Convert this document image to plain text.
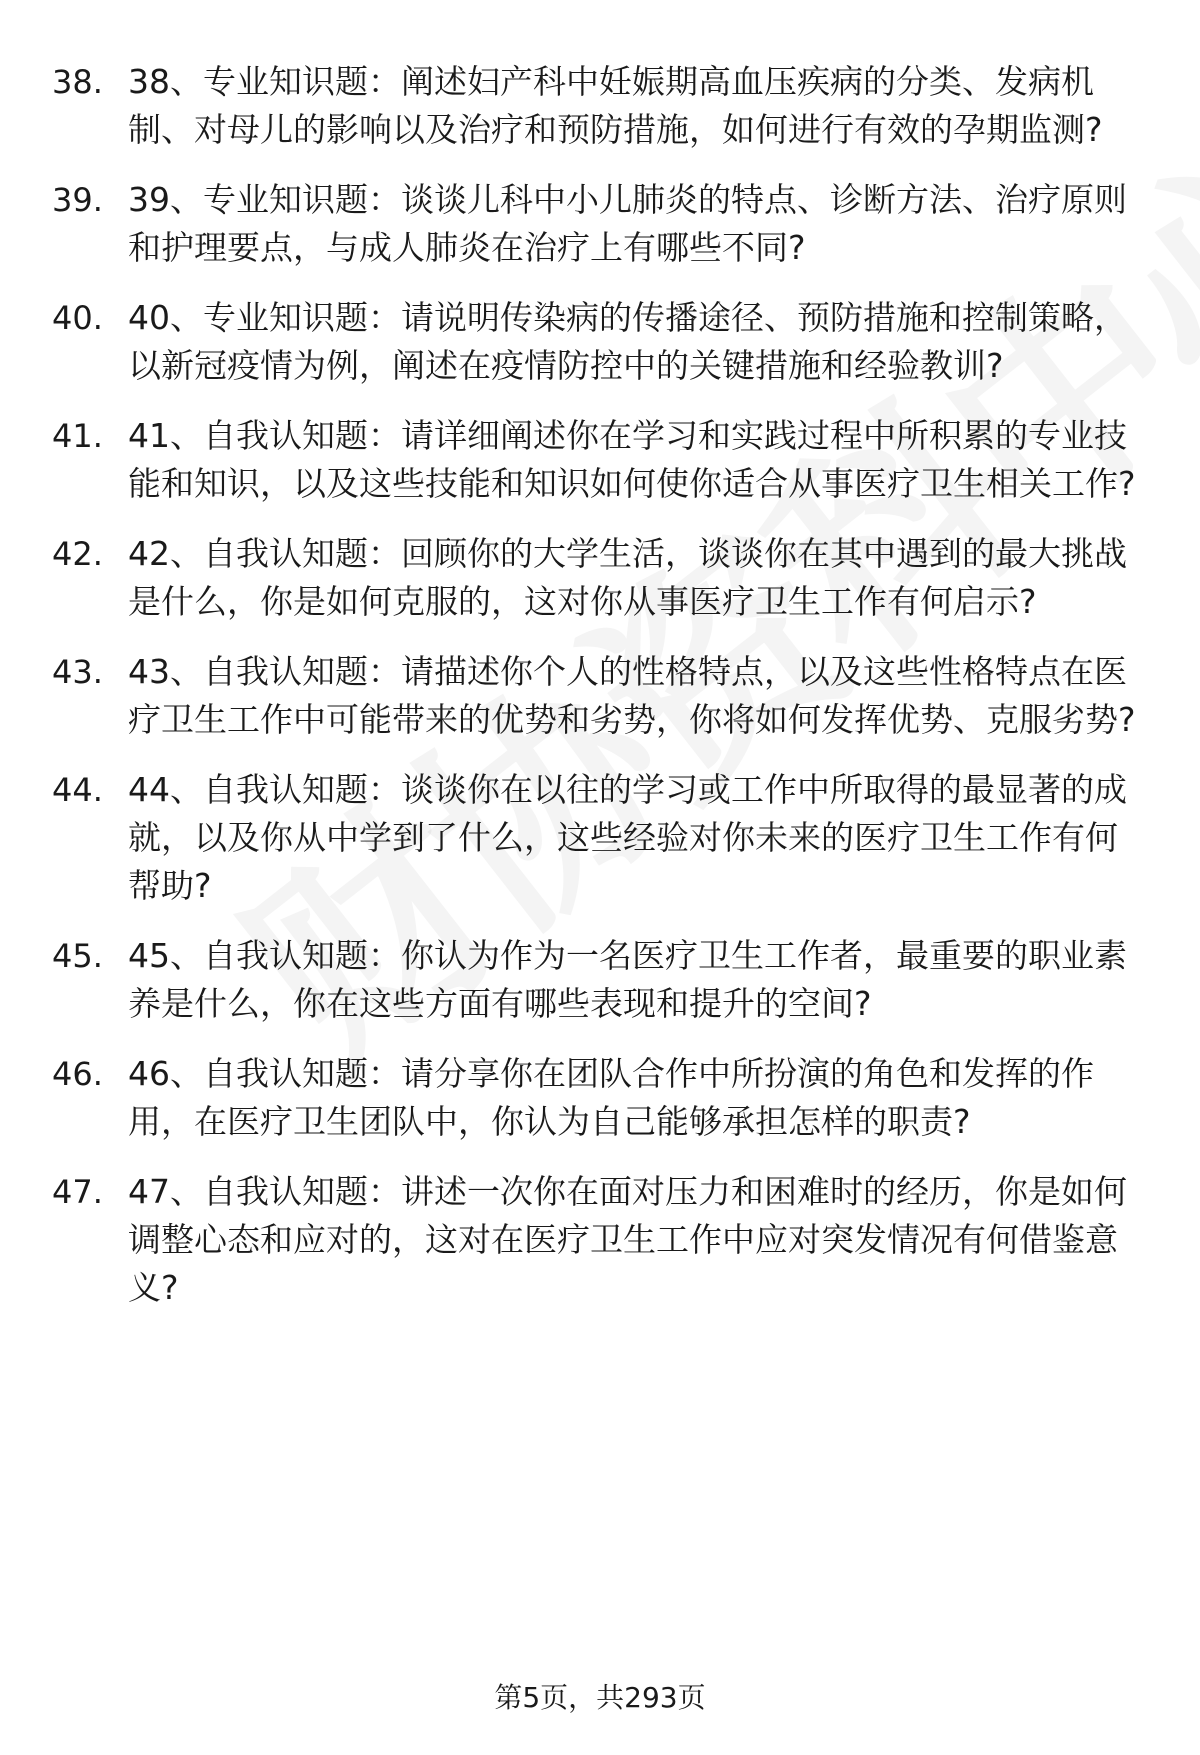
38. 38、专业知识题：阐述妇产科中妊娠期高血压疾病的分类、发病机制、对母儿的影响以及治疗和预防措施，如何进行有效的孕期监测?
39. 39、专业知识题：谈谈儿科中小儿肺炎的特点、诊断方法、治疗原则和护理要点，与成人肺炎在治疗上有哪些不同?
40. 40、专业知识题：请说明传染病的传播途径、预防措施和控制策略，以新冠疫情为例，阐述在疫情防控中的关键措施和经验教训?
41. 41、自我认知题：请详细阐述你在学习和实践过程中所积累的专业技能和知识，以及这些技能和知识如何使你适合从事医疗卫生相关工作?
42. 42、自我认知题：回顾你的大学生活，谈谈你在其中遇到的最大挑战是什么，你是如何克服的，这对你从事医疗卫生工作有何启示?
43. 43、自我认知题：请描述你个人的性格特点，以及这些性格特点在医疗卫生工作中可能带来的优势和劣势，你将如何发挥优势、克服劣势?
44. 44、自我认知题：谈谈你在以往的学习或工作中所取得的最显著的成就，以及你从中学到了什么，这些经验对你未来的医疗卫生工作有何帮助?
45. 45、自我认知题：你认为作为一名医疗卫生工作者，最重要的职业素养是什么，你在这些方面有哪些表现和提升的空间?
46. 46、自我认知题：请分享你在团队合作中所扮演的角色和发挥的作用，在医疗卫生团队中，你认为自己能够承担怎样的职责?
47. 47、自我认知题：讲述一次你在面对压力和困难时的经历，你是如何调整心态和应对的，这对在医疗卫生工作中应对突发情况有何借鉴意义?
第5页，共293页
